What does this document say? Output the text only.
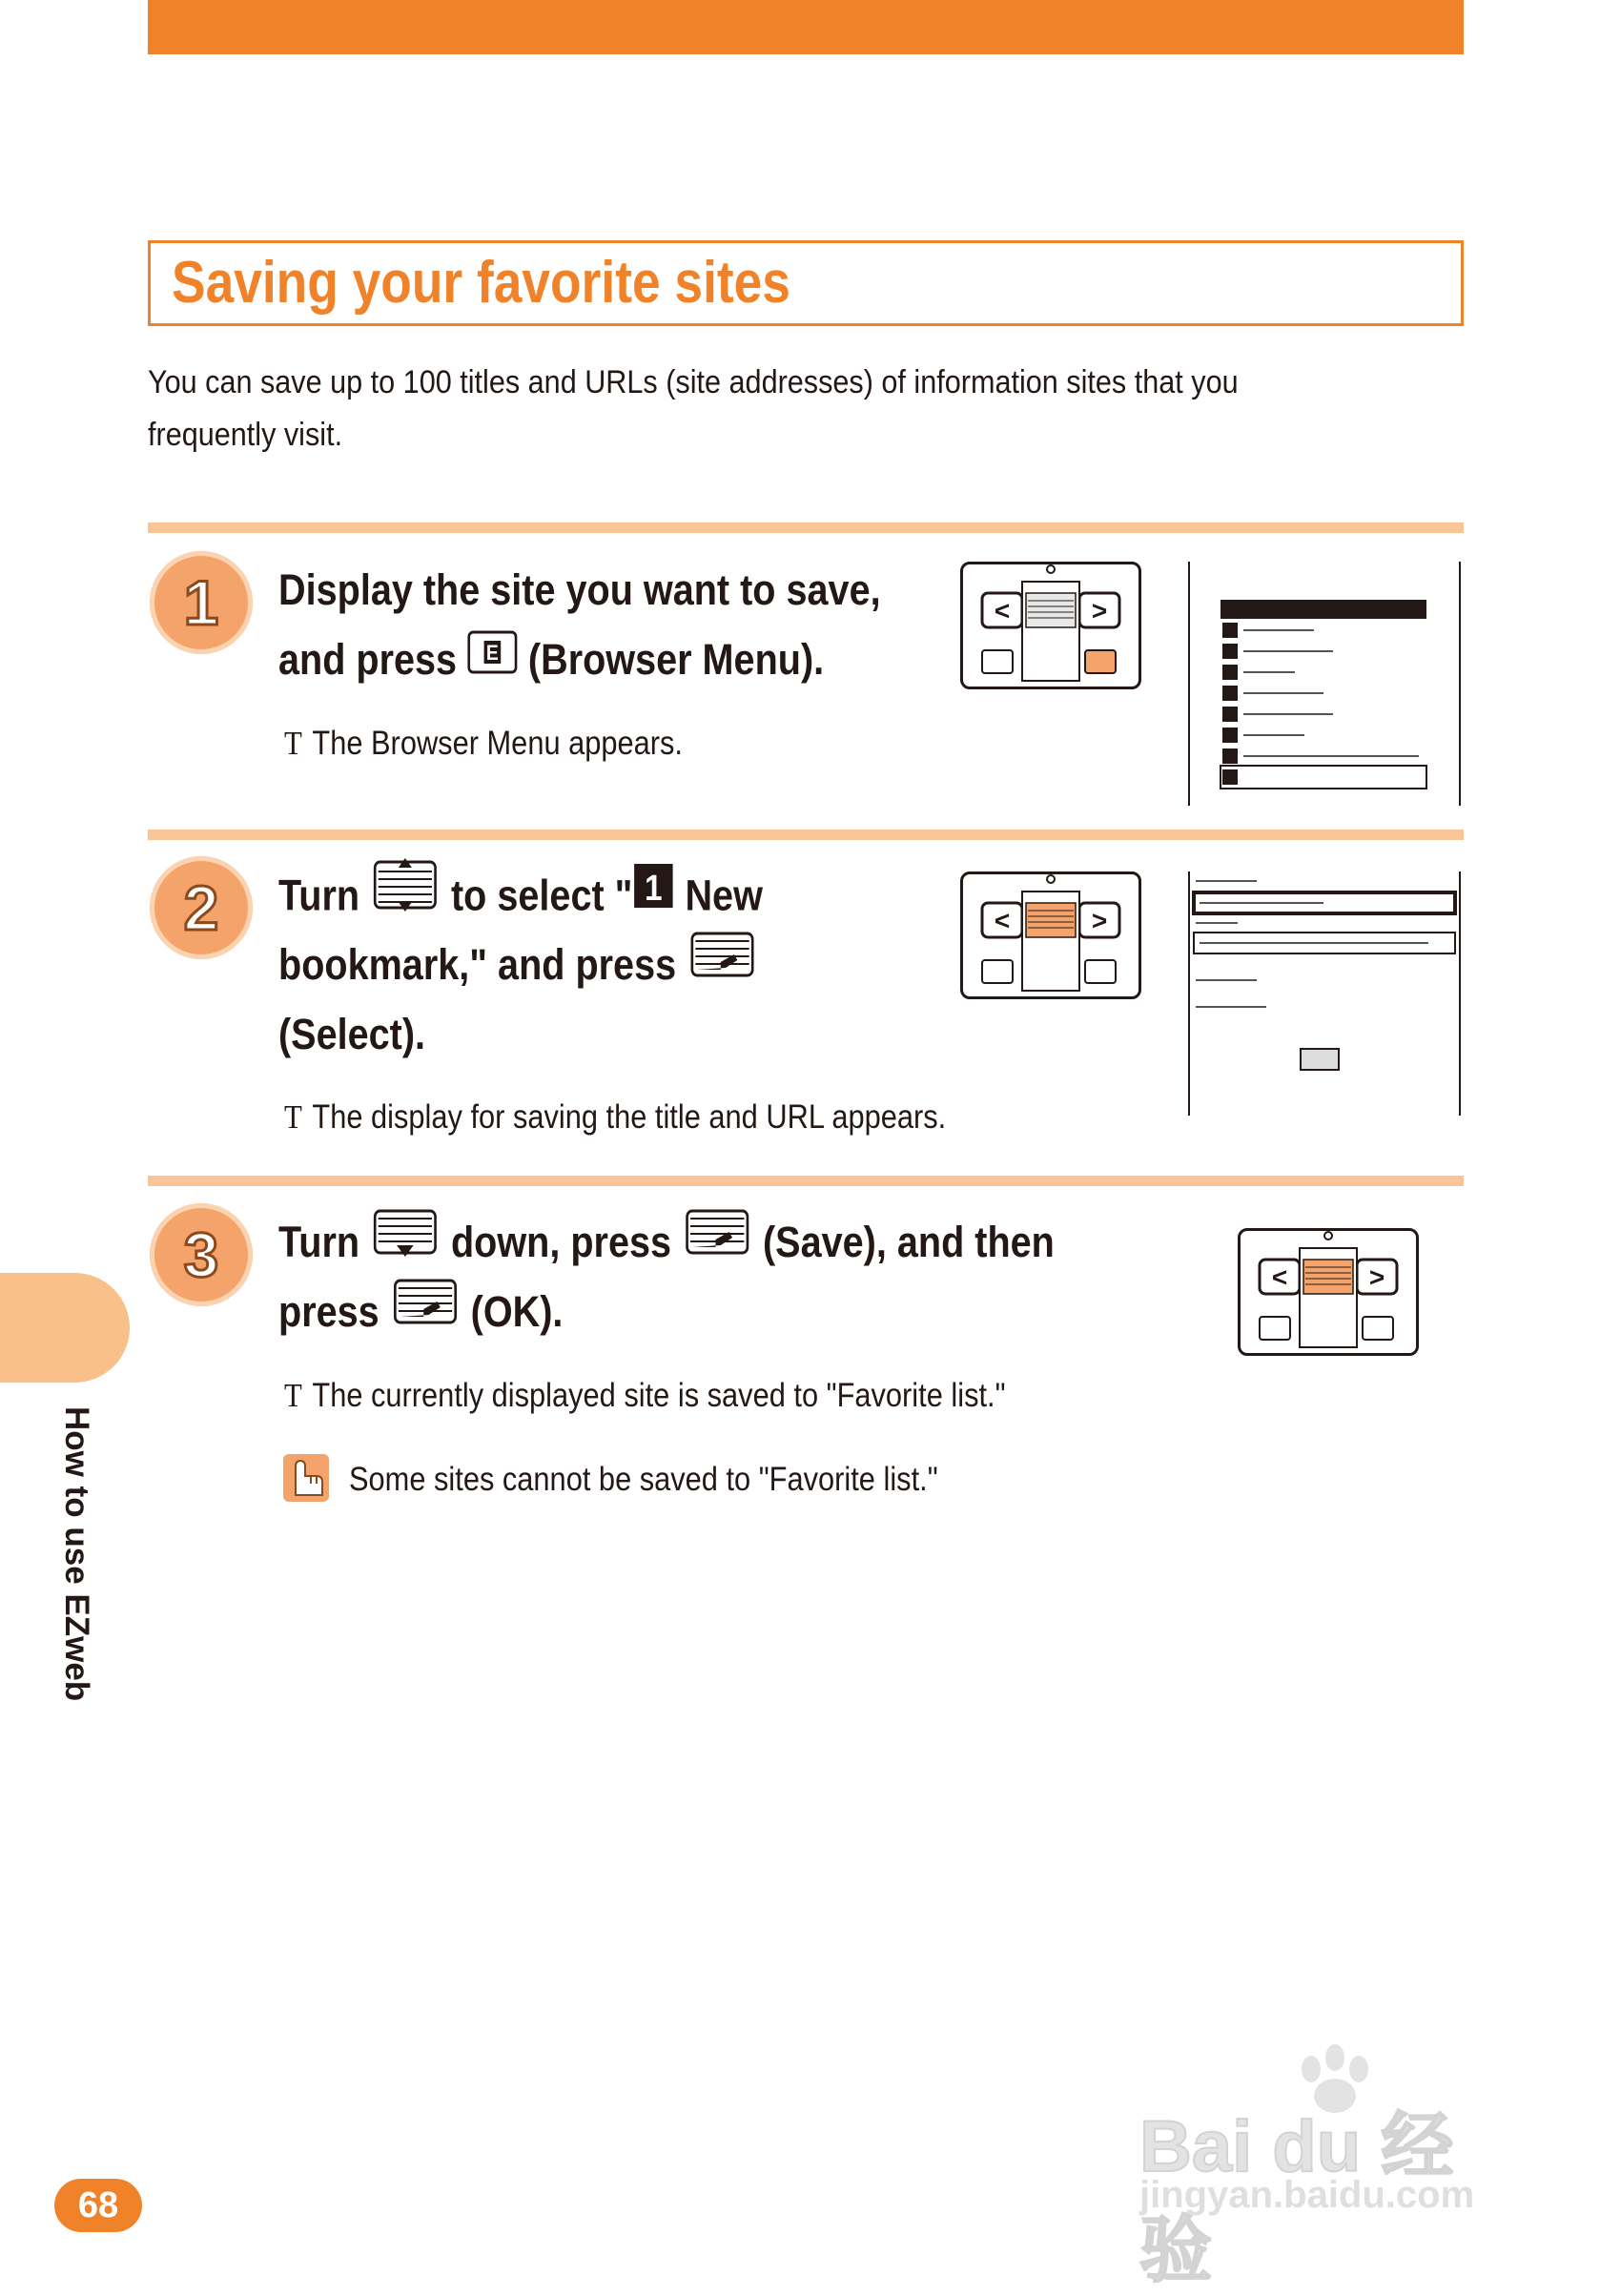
Saving your favorite sites
You can save up to 100 titles and URLs (site addresses) of information sites that you frequently visit.
1	Display the site you want to save,
and press E (Browser Menu).
T The Browser Menu appears.
<	>
2	Turn to select " 1 New
bookmark," and press
(Select).
T The display for saving the title and URL appears.
<	>
3	Turn down, press (Save), and then
press (OK).
T The currently displayed site is saved to "Favorite list."
Some sites cannot be saved to "Favorite list."
<	>
How to use EZweb
68
Bai du 经验
jingyan.baidu.com
